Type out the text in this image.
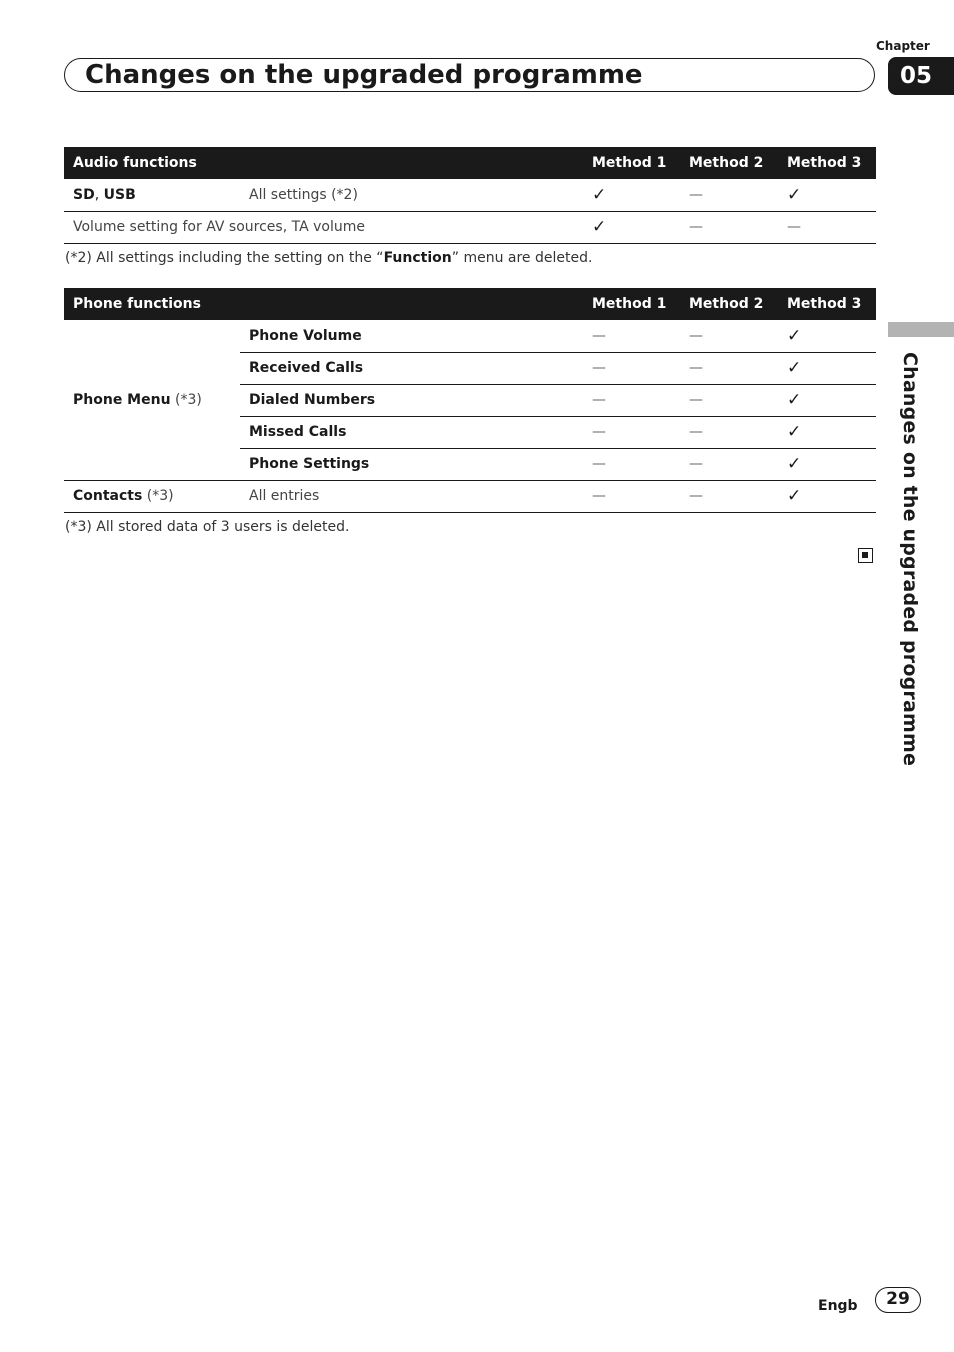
Chapter
05
Changes on the upgraded programme
Audio functions		Method 1	Method 2	Method 3
SD, USB	All settings (*2)	✓	—	✓
Volume setting for AV sources, TA volume		✓	—	—
(*2) All settings including the setting on the “Function” menu are deleted.
Phone functions		Method 1	Method 2	Method 3
Phone Menu (*3)	Phone Volume	—	—	✓
	Received Calls	—	—	✓
	Dialed Numbers	—	—	✓
	Missed Calls	—	—	✓
	Phone Settings	—	—	✓
Contacts (*3)	All entries	—	—	✓
(*3) All stored data of 3 users is deleted.	Changes on the upgraded programme
Engb	29
